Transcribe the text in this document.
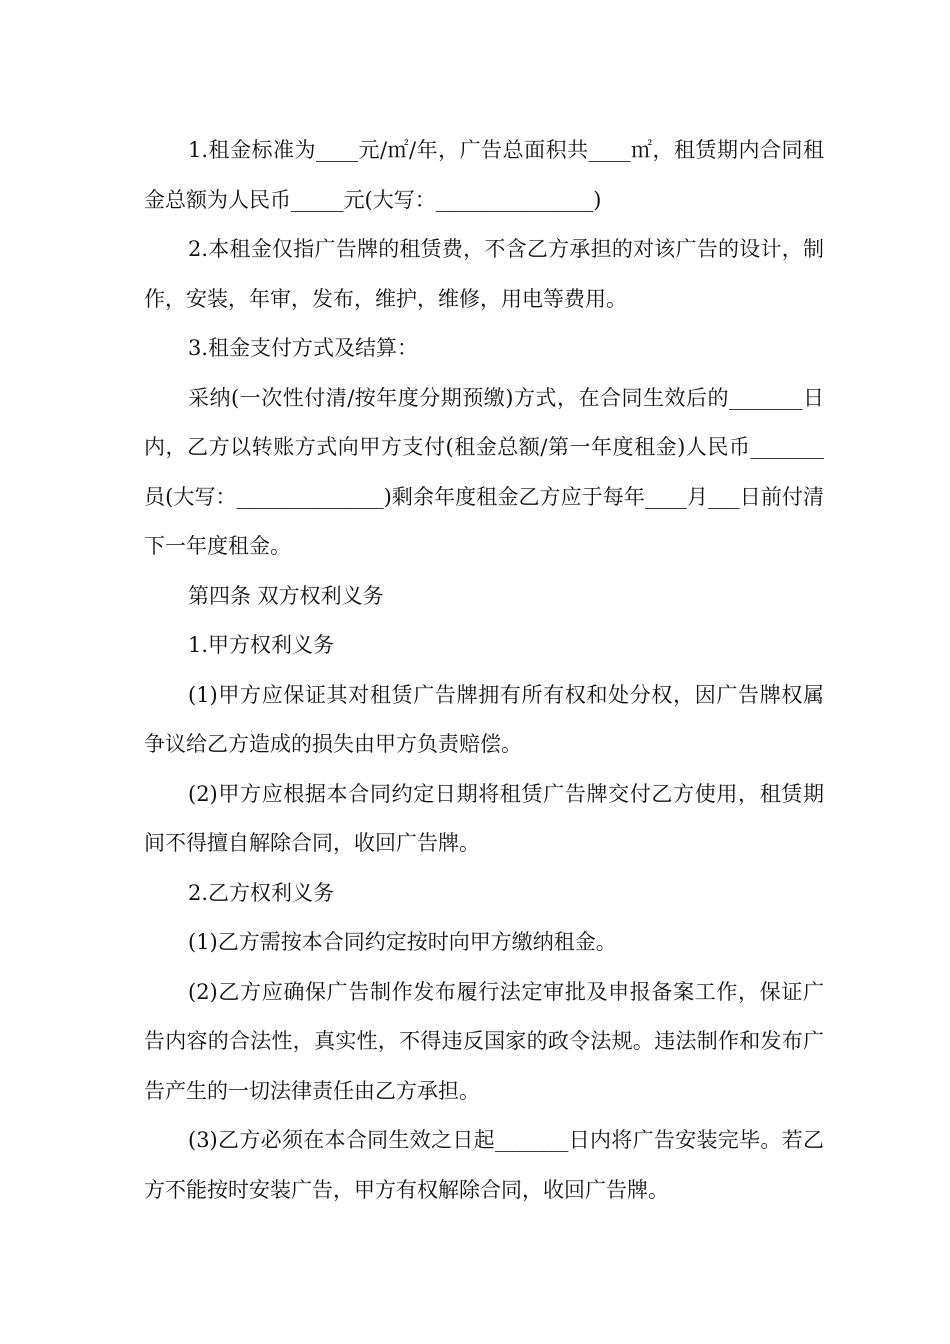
1.租金标准为____元/㎡/年，广告总面积共____㎡，租赁期内合同租金总额为人民币_____元(大写：_______________)

2.本租金仅指广告牌的租赁费，不含乙方承担的对该广告的设计，制作，安装，年审，发布，维护，维修，用电等费用。

3.租金支付方式及结算：

采纳(一次性付清/按年度分期预缴)方式，在合同生效后的_______日内，乙方以转账方式向甲方支付(租金总额/第一年度租金)人民币_______员(大写：______________)剩余年度租金乙方应于每年____月___日前付清下一年度租金。

第四条 双方权利义务

1.甲方权利义务

(1)甲方应保证其对租赁广告牌拥有所有权和处分权，因广告牌权属争议给乙方造成的损失由甲方负责赔偿。

(2)甲方应根据本合同约定日期将租赁广告牌交付乙方使用，租赁期间不得擅自解除合同，收回广告牌。

2.乙方权利义务

(1)乙方需按本合同约定按时向甲方缴纳租金。

(2)乙方应确保广告制作发布履行法定审批及申报备案工作，保证广告内容的合法性，真实性，不得违反国家的政令法规。违法制作和发布广告产生的一切法律责任由乙方承担。

(3)乙方必须在本合同生效之日起_______日内将广告安装完毕。若乙方不能按时安装广告，甲方有权解除合同，收回广告牌。
